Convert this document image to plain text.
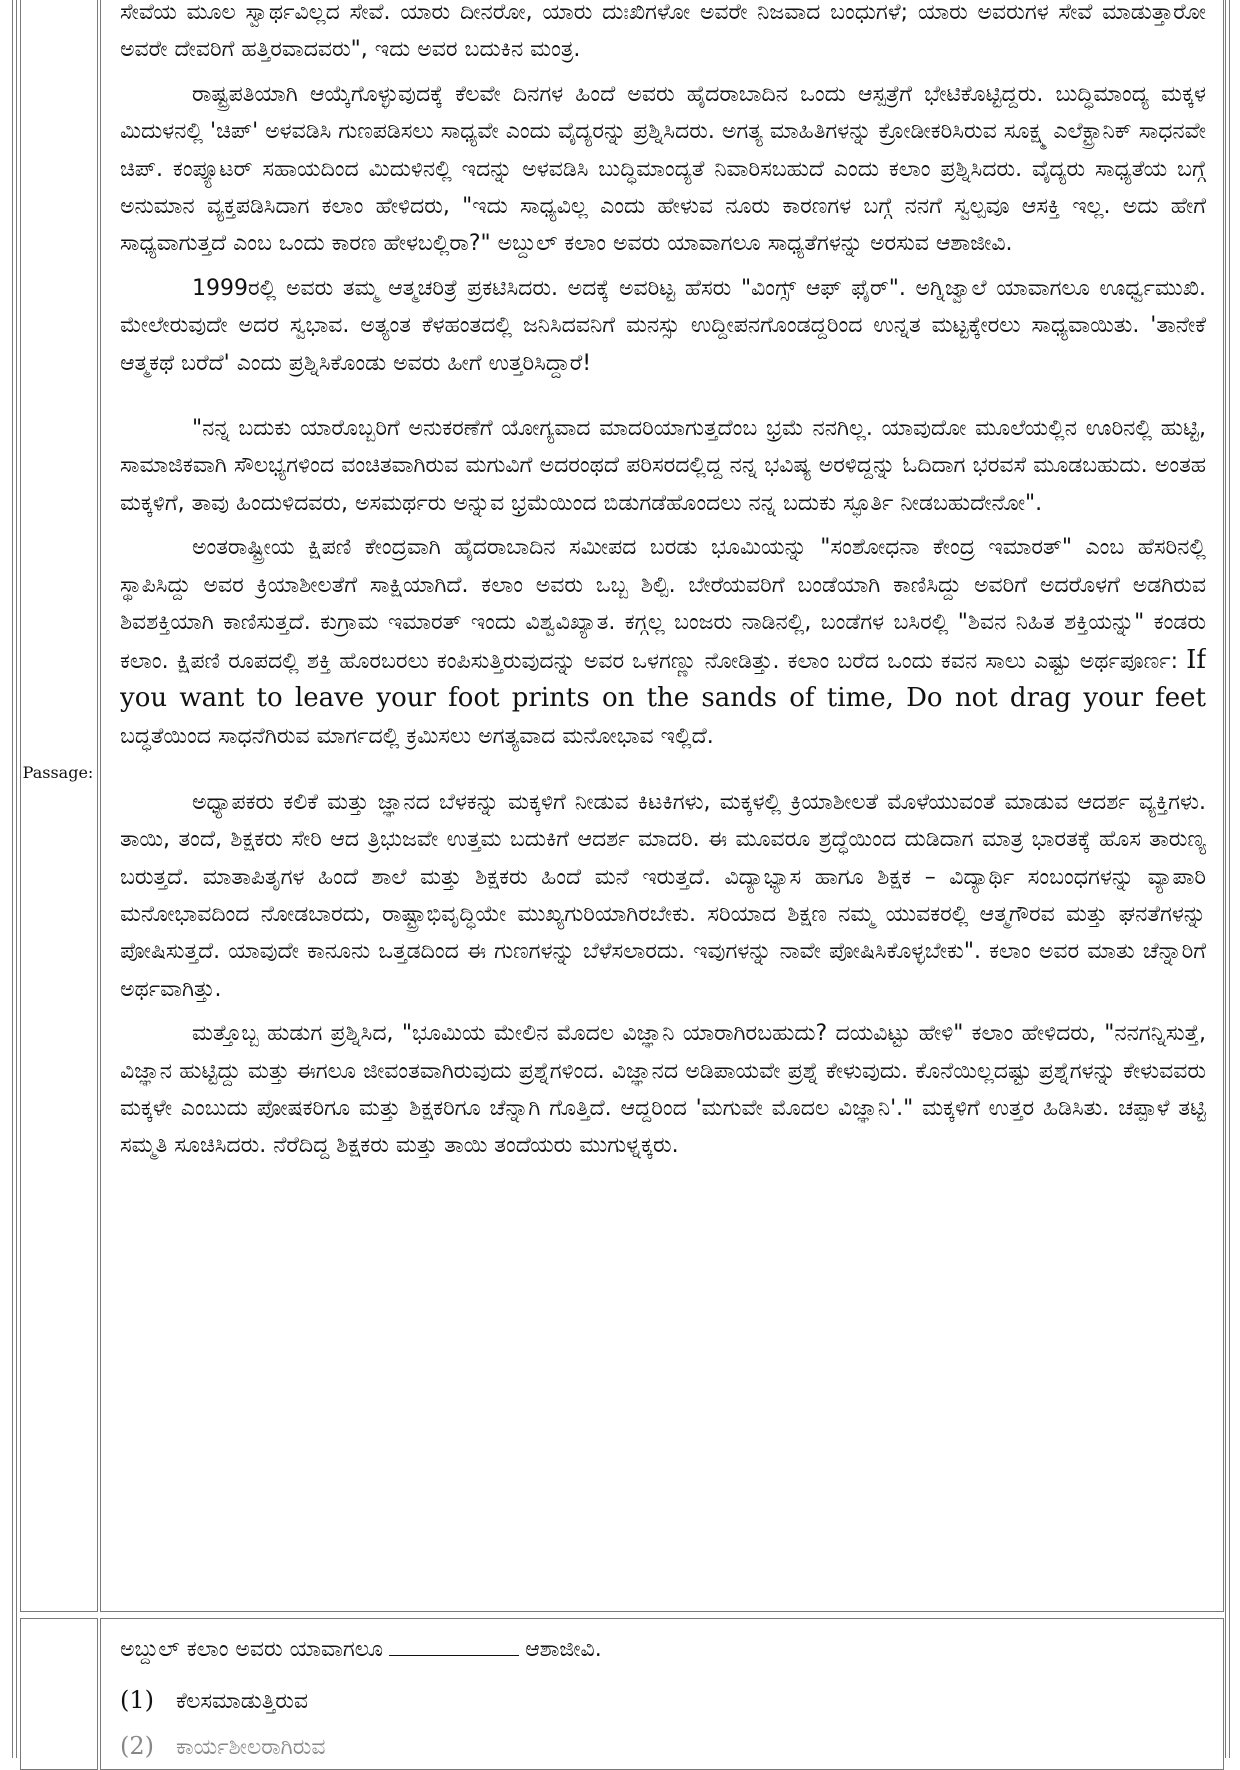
Passage:

ಸೇವೆಯ ಮೂಲ ಸ್ವಾರ್ಥವಿಲ್ಲದ ಸೇವೆ. ಯಾರು ದೀನರೋ, ಯಾರು ದುಃಖಿಗಳೋ ಅವರೇ ನಿಜವಾದ ಬಂಧುಗಳೆ; ಯಾರು ಅವರುಗಳ ಸೇವೆ ಮಾಡುತ್ತಾರೋ ಅವರೇ ದೇವರಿಗೆ ಹತ್ತಿರವಾದವರು", ಇದು ಅವರ ಬದುಕಿನ ಮಂತ್ರ.

ರಾಷ್ಟ್ರಪತಿಯಾಗಿ ಆಯ್ಕೆಗೊಳ್ಳುವುದಕ್ಕೆ ಕೆಲವೇ ದಿನಗಳ ಹಿಂದೆ ಅವರು ಹೈದರಾಬಾದಿನ ಒಂದು ಆಸ್ಪತ್ರೆಗೆ ಭೇಟಿಕೊಟ್ಟಿದ್ದರು. ಬುದ್ಧಿಮಾಂದ್ಯ ಮಕ್ಕಳ ಮಿದುಳನಲ್ಲಿ 'ಚಿಪ್' ಅಳವಡಿಸಿ ಗುಣಪಡಿಸಲು ಸಾಧ್ಯವೇ ಎಂದು ವೈದ್ಯರನ್ನು ಪ್ರಶ್ನಿಸಿದರು. ಅಗತ್ಯ ಮಾಹಿತಿಗಳನ್ನು ಕ್ರೋಡೀಕರಿಸಿರುವ ಸೂಕ್ಷ್ಮ ಎಲೆಕ್ಟ್ರಾನಿಕ್ ಸಾಧನವೇ ಚಿಪ್. ಕಂಪ್ಯೂಟರ್ ಸಹಾಯದಿಂದ ಮಿದುಳಿನಲ್ಲಿ ಇದನ್ನು ಅಳವಡಿಸಿ ಬುದ್ಧಿಮಾಂದ್ಯತೆ ನಿವಾರಿಸಬಹುದೆ ಎಂದು ಕಲಾಂ ಪ್ರಶ್ನಿಸಿದರು. ವೈದ್ಯರು ಸಾಧ್ಯತೆಯ ಬಗ್ಗೆ ಅನುಮಾನ ವ್ಯಕ್ತಪಡಿಸಿದಾಗ ಕಲಾಂ ಹೇಳಿದರು, "ಇದು ಸಾಧ್ಯವಿಲ್ಲ ಎಂದು ಹೇಳುವ ನೂರು ಕಾರಣಗಳ ಬಗ್ಗೆ ನನಗೆ ಸ್ವಲ್ಪವೂ ಆಸಕ್ತಿ ಇಲ್ಲ. ಅದು ಹೇಗೆ ಸಾಧ್ಯವಾಗುತ್ತದೆ ಎಂಬ ಒಂದು ಕಾರಣ ಹೇಳಬಲ್ಲಿರಾ?" ಅಬ್ದುಲ್ ಕಲಾಂ ಅವರು ಯಾವಾಗಲೂ ಸಾಧ್ಯತೆಗಳನ್ನು ಅರಸುವ ಆಶಾಜೀವಿ.

1999ರಲ್ಲಿ ಅವರು ತಮ್ಮ ಆತ್ಮಚರಿತ್ರೆ ಪ್ರಕಟಿಸಿದರು. ಅದಕ್ಕೆ ಅವರಿಟ್ಟ ಹೆಸರು "ವಿಂಗ್ಸ್ ಆಫ್ ಫೈರ್". ಅಗ್ನಿಜ್ವಾಲೆ ಯಾವಾಗಲೂ ಊರ್ಧ್ವಮುಖಿ. ಮೇಲೇರುವುದೇ ಅದರ ಸ್ವಭಾವ. ಅತ್ಯಂತ ಕೆಳಹಂತದಲ್ಲಿ ಜನಿಸಿದವನಿಗೆ ಮನಸ್ಸು ಉದ್ದೀಪನಗೊಂಡದ್ದರಿಂದ ಉನ್ನತ ಮಟ್ಟಕ್ಕೇರಲು ಸಾಧ್ಯವಾಯಿತು. 'ತಾನೇಕೆ ಆತ್ಮಕಥೆ ಬರೆದೆ' ಎಂದು ಪ್ರಶ್ನಿಸಿಕೊಂಡು ಅವರು ಹೀಗೆ ಉತ್ತರಿಸಿದ್ದಾರೆ!

"ನನ್ನ ಬದುಕು ಯಾರೊಬ್ಬರಿಗೆ ಅನುಕರಣೆಗೆ ಯೋಗ್ಯವಾದ ಮಾದರಿಯಾಗುತ್ತದೆಂಬ ಭ್ರಮೆ ನನಗಿಲ್ಲ. ಯಾವುದೋ ಮೂಲೆಯಲ್ಲಿನ ಊರಿನಲ್ಲಿ ಹುಟ್ಟಿ, ಸಾಮಾಜಿಕವಾಗಿ ಸೌಲಭ್ಯಗಳಿಂದ ವಂಚಿತವಾಗಿರುವ ಮಗುವಿಗೆ ಅದರಂಥದೆ ಪರಿಸರದಲ್ಲಿದ್ದ ನನ್ನ ಭವಿಷ್ಯ ಅರಳಿದ್ದನ್ನು ಓದಿದಾಗ ಭರವಸೆ ಮೂಡಬಹುದು. ಅಂತಹ ಮಕ್ಕಳಿಗೆ, ತಾವು ಹಿಂದುಳಿದವರು, ಅಸಮರ್ಥರು ಅನ್ನುವ ಭ್ರಮೆಯಿಂದ ಬಿಡುಗಡೆಹೊಂದಲು ನನ್ನ ಬದುಕು ಸ್ಫೂರ್ತಿ ನೀಡಬಹುದೇನೋ".

ಅಂತರಾಷ್ಟ್ರೀಯ ಕ್ಷಿಪಣಿ ಕೇಂದ್ರವಾಗಿ ಹೈದರಾಬಾದಿನ ಸಮೀಪದ ಬರಡು ಭೂಮಿಯನ್ನು "ಸಂಶೋಧನಾ ಕೇಂದ್ರ ಇಮಾರತ್" ಎಂಬ ಹೆಸರಿನಲ್ಲಿ ಸ್ಥಾಪಿಸಿದ್ದು ಅವರ ಕ್ರಿಯಾಶೀಲತೆಗೆ ಸಾಕ್ಷಿಯಾಗಿದೆ. ಕಲಾಂ ಅವರು ಒಬ್ಬ ಶಿಲ್ಪಿ. ಬೇರೆಯವರಿಗೆ ಬಂಡೆಯಾಗಿ ಕಾಣಿಸಿದ್ದು ಅವರಿಗೆ ಅದರೊಳಗೆ ಅಡಗಿರುವ ಶಿವಶಕ್ತಿಯಾಗಿ ಕಾಣಿಸುತ್ತದೆ. ಕುಗ್ರಾಮ ಇಮಾರತ್ ಇಂದು ವಿಶ್ವವಿಖ್ಯಾತ. ಕಗ್ಗಲ್ಲ ಬಂಜರು ನಾಡಿನಲ್ಲಿ, ಬಂಡೆಗಳ ಬಸಿರಲ್ಲಿ "ಶಿವನ ನಿಹಿತ ಶಕ್ತಿಯನ್ನು" ಕಂಡರು ಕಲಾಂ. ಕ್ಷಿಪಣಿ ರೂಪದಲ್ಲಿ ಶಕ್ತಿ ಹೊರಬರಲು ಕಂಪಿಸುತ್ತಿರುವುದನ್ನು ಅವರ ಒಳಗಣ್ಣು ನೋಡಿತ್ತು. ಕಲಾಂ ಬರೆದ ಒಂದು ಕವನ ಸಾಲು ಎಷ್ಟು ಅರ್ಥಪೂರ್ಣ: If you want to leave your foot prints on the sands of time, Do not drag your feet ಬದ್ಧತೆಯಿಂದ ಸಾಧನೆಗಿರುವ ಮಾರ್ಗದಲ್ಲಿ ಕ್ರಮಿಸಲು ಅಗತ್ಯವಾದ ಮನೋಭಾವ ಇಲ್ಲಿದೆ.

ಅಧ್ಯಾಪಕರು ಕಲಿಕೆ ಮತ್ತು ಜ್ಞಾನದ ಬೆಳಕನ್ನು ಮಕ್ಕಳಿಗೆ ನೀಡುವ ಕಿಟಕಿಗಳು, ಮಕ್ಕಳಲ್ಲಿ ಕ್ರಿಯಾಶೀಲತೆ ಮೊಳೆಯುವಂತೆ ಮಾಡುವ ಆದರ್ಶ ವ್ಯಕ್ತಿಗಳು. ತಾಯಿ, ತಂದೆ, ಶಿಕ್ಷಕರು ಸೇರಿ ಆದ ತ್ರಿಭುಜವೇ ಉತ್ತಮ ಬದುಕಿಗೆ ಆದರ್ಶ ಮಾದರಿ. ಈ ಮೂವರೂ ಶ್ರದ್ಧೆಯಿಂದ ದುಡಿದಾಗ ಮಾತ್ರ ಭಾರತಕ್ಕೆ ಹೊಸ ತಾರುಣ್ಯ ಬರುತ್ತದೆ. ಮಾತಾಪಿತೃಗಳ ಹಿಂದೆ ಶಾಲೆ ಮತ್ತು ಶಿಕ್ಷಕರು ಹಿಂದೆ ಮನೆ ಇರುತ್ತದೆ. ವಿದ್ಯಾಭ್ಯಾಸ ಹಾಗೂ ಶಿಕ್ಷಕ – ವಿದ್ಯಾರ್ಥಿ ಸಂಬಂಧಗಳನ್ನು ವ್ಯಾಪಾರಿ ಮನೋಭಾವದಿಂದ ನೋಡಬಾರದು, ರಾಷ್ಟ್ರಾಭಿವೃದ್ಧಿಯೇ ಮುಖ್ಯಗುರಿಯಾಗಿರಬೇಕು. ಸರಿಯಾದ ಶಿಕ್ಷಣ ನಮ್ಮ ಯುವಕರಲ್ಲಿ ಆತ್ಮಗೌರವ ಮತ್ತು ಘನತೆಗಳನ್ನು ಪೋಷಿಸುತ್ತದೆ. ಯಾವುದೇ ಕಾನೂನು ಒತ್ತಡದಿಂದ ಈ ಗುಣಗಳನ್ನು ಬೆಳೆಸಲಾರದು. ಇವುಗಳನ್ನು ನಾವೇ ಪೋಷಿಸಿಕೊಳ್ಳಬೇಕು". ಕಲಾಂ ಅವರ ಮಾತು ಚೆನ್ನಾರಿಗೆ ಅರ್ಥವಾಗಿತ್ತು.

ಮತ್ತೊಬ್ಬ ಹುಡುಗ ಪ್ರಶ್ನಿಸಿದ, "ಭೂಮಿಯ ಮೇಲಿನ ಮೊದಲ ವಿಜ್ಞಾನಿ ಯಾರಾಗಿರಬಹುದು? ದಯವಿಟ್ಟು ಹೇಳಿ" ಕಲಾಂ ಹೇಳಿದರು, "ನನಗನ್ನಿಸುತ್ತೆ, ವಿಜ್ಞಾನ ಹುಟ್ಟಿದ್ದು ಮತ್ತು ಈಗಲೂ ಜೀವಂತವಾಗಿರುವುದು ಪ್ರಶ್ನೆಗಳಿಂದ. ವಿಜ್ಞಾನದ ಅಡಿಪಾಯವೇ ಪ್ರಶ್ನೆ ಕೇಳುವುದು. ಕೊನೆಯಿಲ್ಲದಷ್ಟು ಪ್ರಶ್ನೆಗಳನ್ನು ಕೇಳುವವರು ಮಕ್ಕಳೇ ಎಂಬುದು ಪೋಷಕರಿಗೂ ಮತ್ತು ಶಿಕ್ಷಕರಿಗೂ ಚೆನ್ನಾಗಿ ಗೊತ್ತಿದೆ. ಆದ್ದರಿಂದ 'ಮಗುವೇ ಮೊದಲ ವಿಜ್ಞಾನಿ'." ಮಕ್ಕಳಿಗೆ ಉತ್ತರ ಹಿಡಿಸಿತು. ಚಪ್ಪಾಳೆ ತಟ್ಟಿ ಸಮ್ಮತಿ ಸೂಚಿಸಿದರು. ನೆರೆದಿದ್ದ ಶಿಕ್ಷಕರು ಮತ್ತು ತಾಯಿ ತಂದೆಯರು ಮುಗುಳ್ನಕ್ಕರು.

ಅಬ್ದುಲ್ ಕಲಾಂ ಅವರು ಯಾವಾಗಲೂ	ಆಶಾಜೀವಿ.
(1) ಕೆಲಸಮಾಡುತ್ತಿರುವ
(2) ಕಾರ್ಯಶೀಲರಾಗಿರುವ
